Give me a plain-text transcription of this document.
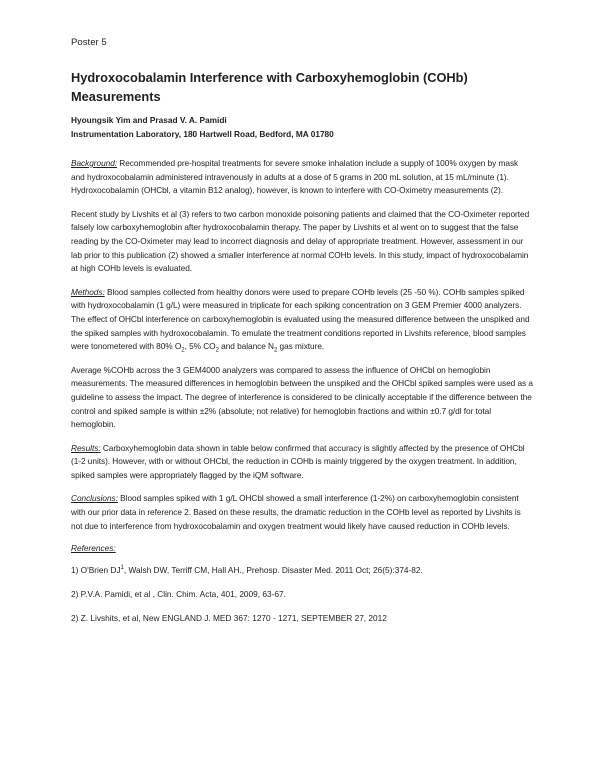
Poster 5

Hydroxocobalamin Interference with Carboxyhemoglobin (COHb) Measurements

Hyoungsik Yim and Prasad V. A. Pamidi

Instrumentation Laboratory, 180 Hartwell Road, Bedford, MA 01780

Background: Recommended pre-hospital treatments for severe smoke inhalation include a supply of 100% oxygen by mask and hydroxocobalamin administered intravenously in adults at a dose of 5 grams in 200 mL solution, at 15 mL/minute (1). Hydroxocobalamin (OHCbl, a vitamin B12 analog), however, is known to interfere with CO-Oximetry measurements (2).

Recent study by Livshits et al (3) refers to two carbon monoxide poisoning patients and claimed that the CO-Oximeter reported falsely low carboxyhemoglobin after hydroxocobalamin therapy. The paper by Livshits et al went on to suggest that the false reading by the CO-Oximeter may lead to incorrect diagnosis and delay of appropriate treatment. However, assessment in our lab prior to this publication (2) showed a smaller interference at normal COHb levels. In this study, impact of hydroxocobalamin at high COHb levels is evaluated.

Methods: Blood samples collected from healthy donors were used to prepare COHb levels (25 -50 %). COHb samples spiked with hydroxocobalamin (1 g/L) were measured in triplicate for each spiking concentration on 3 GEM Premier 4000 analyzers. The effect of OHCbl interference on carboxyhemoglobin is evaluated using the measured difference between the unspiked and the spiked samples with hydroxocobalamin. To emulate the treatment conditions reported in Livshits reference, blood samples were tonometered with 80% $O_2$, 5% $CO_2$ and balance $N_2$ gas mixture.

Average %COHb across the 3 GEM4000 analyzers was compared to assess the influence of OHCbl on hemoglobin measurements. The measured differences in hemoglobin between the unspiked and the OHCbl spiked samples were used as a guideline to assess the impact. The degree of interference is considered to be clinically acceptable if the difference between the control and spiked sample is within ±2% (absolute; not relative) for hemoglobin fractions and within ±0.7 g/dl for total hemoglobin.

Results: Carboxyhemoglobin data shown in table below confirmed that accuracy is slightly affected by the presence of OHCbl (1-2 units). However, with or without OHCbl, the reduction in COHb is mainly triggered by the oxygen treatment. In addition, spiked samples were appropriately flagged by the iQM software.

Conclusions: Blood samples spiked with 1 g/L OHCbl showed a small interference (1-2%) on carboxyhemoglobin consistent with our prior data in reference 2. Based on these results, the dramatic reduction in the COHb level as reported by Livshits is not due to interference from hydroxocobalamin and oxygen treatment would likely have caused reduction in COHb levels.

References:

1) O'Brien $DJ^1$, Walsh DW, Terriff CM, Hall AH., Prehosp. Disaster Med. 2011 Oct; 26(5):374-82.

2) P.V.A. Pamidi, et al , Clin. Chim. Acta, 401, 2009, 63-67.

2) Z. Livshits, et al, New ENGLAND J. MED 367: 1270 - 1271, SEPTEMBER 27, 2012
